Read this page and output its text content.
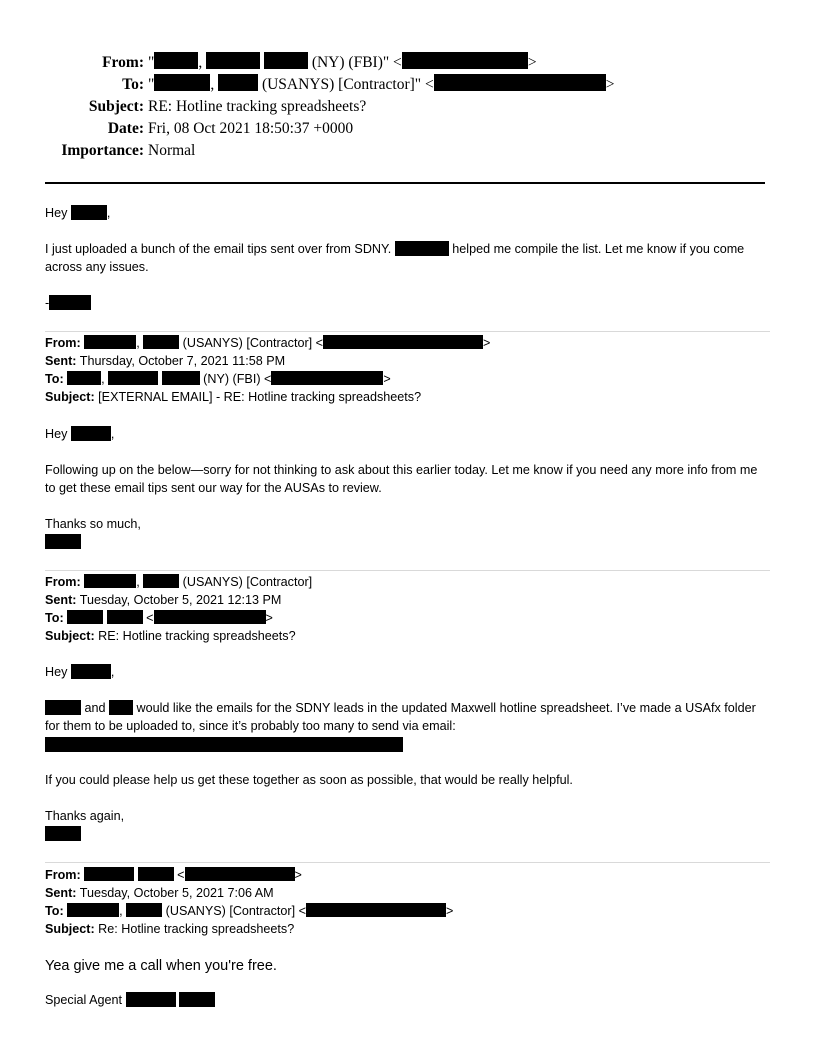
From: "	,	(NY) (FBI)" <	>
To: "	,	(USANYS) [Contractor]" <	>
Subject: RE: Hotline tracking spreadsheets?
Date: Fri, 08 Oct 2021 18:50:37 +0000
Importance: Normal

Hey	,

I just uploaded a bunch of the email tips sent over from SDNY.	helped me compile the list. Let me know if you come across any issues.

-

From:	,	(USANYS) [Contractor] <	>
Sent: Thursday, October 7, 2021 11:58 PM
To:	,	(NY) (FBI) <	>
Subject: [EXTERNAL EMAIL] - RE: Hotline tracking spreadsheets?

Hey	,

Following up on the below—sorry for not thinking to ask about this earlier today. Let me know if you need any more info from me to get these email tips sent our way for the AUSAs to review.

Thanks so much,

From:	,	(USANYS) [Contractor]
Sent: Tuesday, October 5, 2021 12:13 PM
To:	<	>
Subject: RE: Hotline tracking spreadsheets?

Hey	,

and  would like the emails for the SDNY leads in the updated Maxwell hotline spreadsheet. I’ve made a USAfx folder for them to be uploaded to, since it’s probably too many to send via email:

If you could please help us get these together as soon as possible, that would be really helpful.

Thanks again,

From:	<	>
Sent: Tuesday, October 5, 2021 7:06 AM
To:	,	(USANYS) [Contractor] <	>
Subject: Re: Hotline tracking spreadsheets?
Yea give me a call when you're free.

Special Agent
